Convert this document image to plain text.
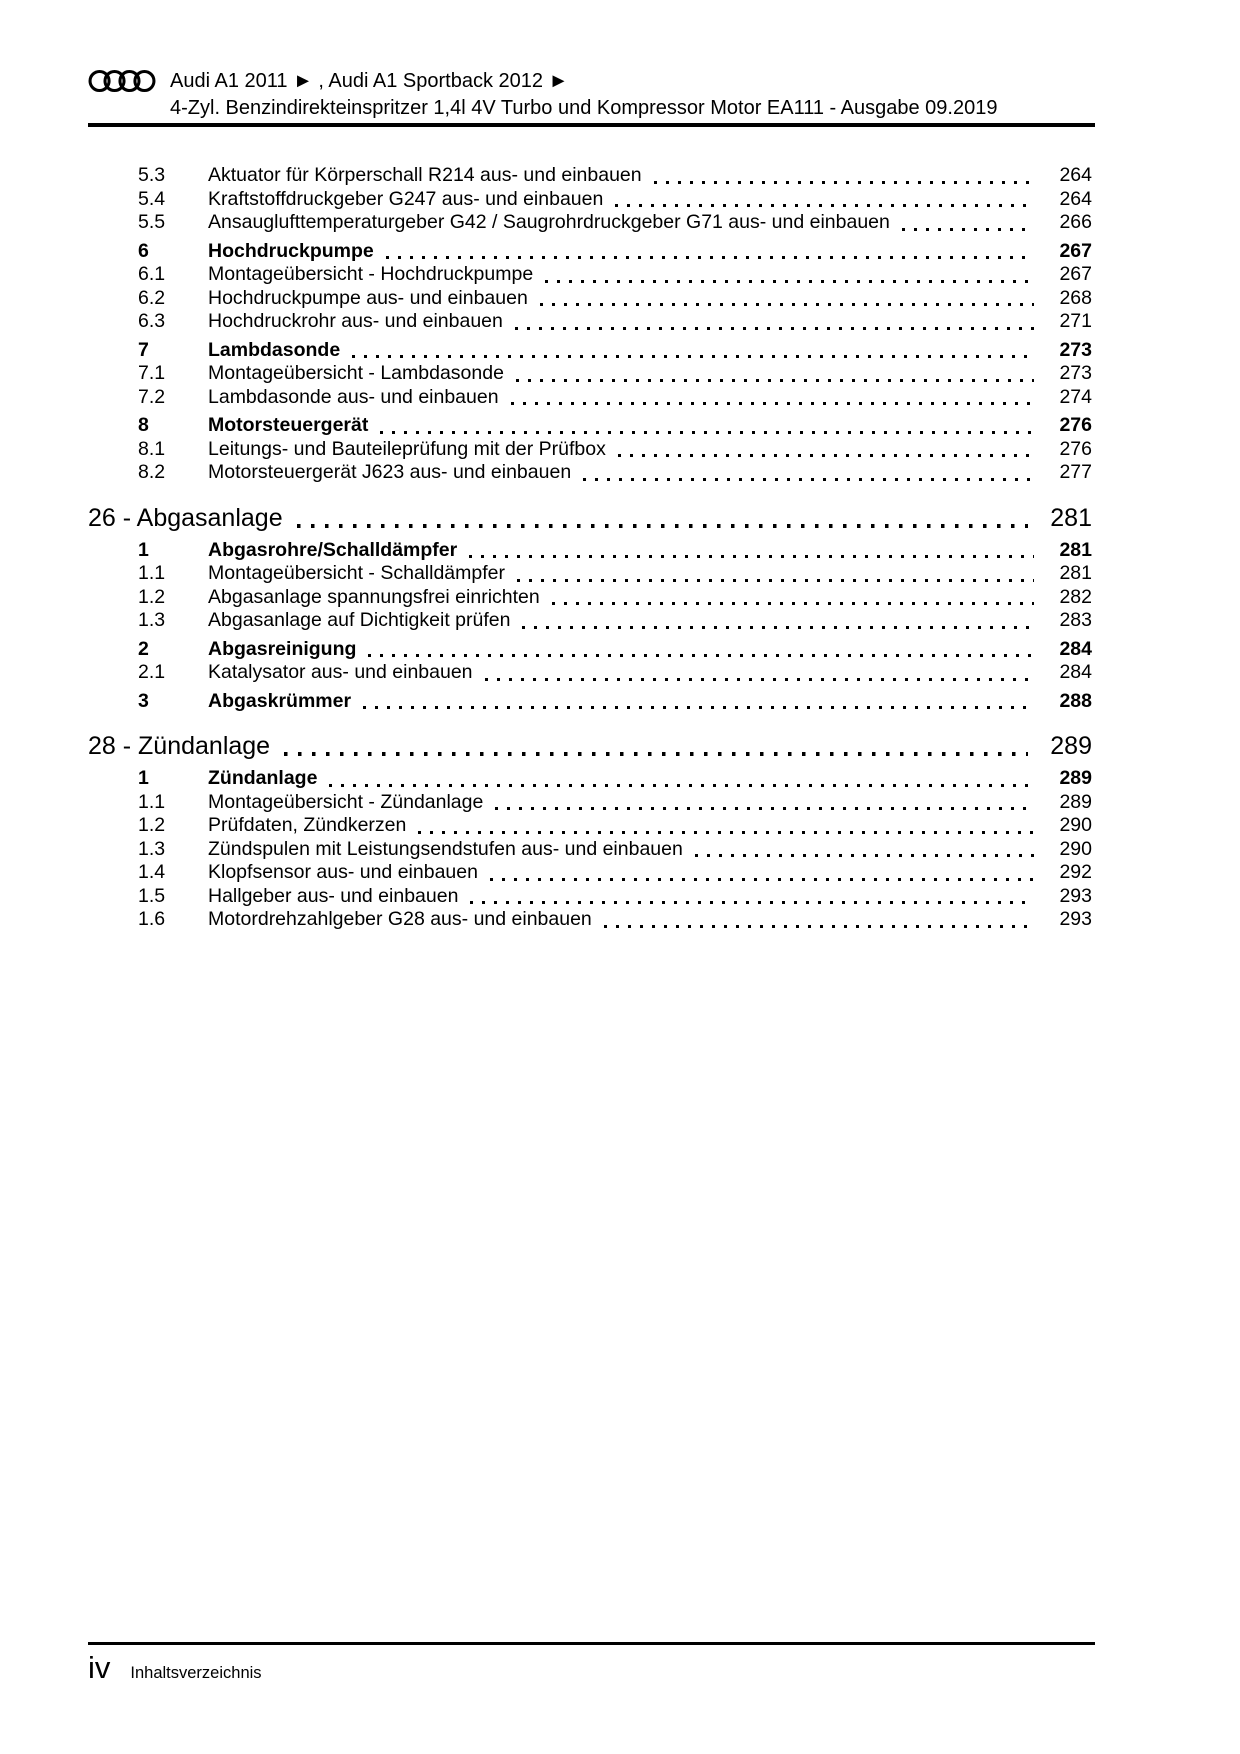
Audi A1 2011 ► , Audi A1 Sportback 2012 ►
4-Zyl. Benzindirekteinspritzer 1,4l 4V Turbo und Kompressor Motor EA111 - Ausgabe 09.2019
5.3	Aktuator für Körperschall R214 aus- und einbauen	264
5.4	Kraftstoffdruckgeber G247 aus- und einbauen	264
5.5	Ansauglufttemperaturgeber G42 / Saugrohrdruckgeber G71 aus- und einbauen	266
6	Hochdruckpumpe	267
6.1	Montageübersicht - Hochdruckpumpe	267
6.2	Hochdruckpumpe aus- und einbauen	268
6.3	Hochdruckrohr aus- und einbauen	271
7	Lambdasonde	273
7.1	Montageübersicht - Lambdasonde	273
7.2	Lambdasonde aus- und einbauen	274
8	Motorsteuergerät	276
8.1	Leitungs- und Bauteileprüfung mit der Prüfbox	276
8.2	Motorsteuergerät J623 aus- und einbauen	277
26 - Abgasanlage	281
1	Abgasrohre/Schalldämpfer	281
1.1	Montageübersicht - Schalldämpfer	281
1.2	Abgasanlage spannungsfrei einrichten	282
1.3	Abgasanlage auf Dichtigkeit prüfen	283
2	Abgasreinigung	284
2.1	Katalysator aus- und einbauen	284
3	Abgaskrümmer	288
28 - Zündanlage	289
1	Zündanlage	289
1.1	Montageübersicht - Zündanlage	289
1.2	Prüfdaten, Zündkerzen	290
1.3	Zündspulen mit Leistungsendstufen aus- und einbauen	290
1.4	Klopfsensor aus- und einbauen	292
1.5	Hallgeber aus- und einbauen	293
1.6	Motordrehzahlgeber G28 aus- und einbauen	293
iv Inhaltsverzeichnis
